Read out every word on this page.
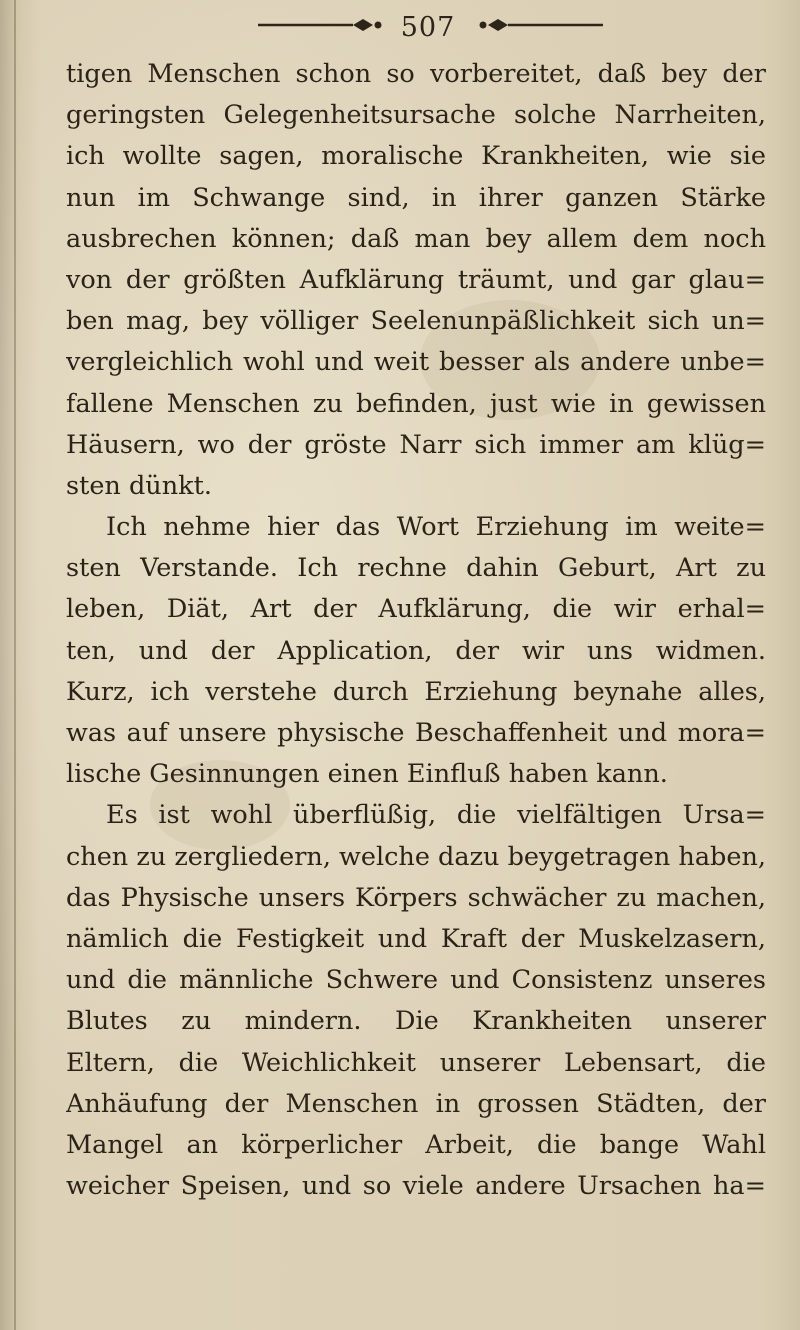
507
tigen Menschen schon so vorbereitet, daß bey der
geringsten Gelegenheitsursache solche Narrheiten,
ich wollte sagen, moralische Krankheiten, wie sie
nun im Schwange sind, in ihrer ganzen Stärke
ausbrechen können; daß man bey allem dem noch
von der größten Aufklärung träumt, und gar glau=
ben mag, bey völliger Seelenunpäßlichkeit sich un=
vergleichlich wohl und weit besser als andere unbe=
fallene Menschen zu befinden, just wie in gewissen
Häusern, wo der gröste Narr sich immer am klüg=
sten dünkt.
Ich nehme hier das Wort Erziehung im weite=
sten Verstande. Ich rechne dahin Geburt, Art zu
leben, Diät, Art der Aufklärung, die wir erhal=
ten, und der Application, der wir uns widmen.
Kurz, ich verstehe durch Erziehung beynahe alles,
was auf unsere physische Beschaffenheit und mora=
lische Gesinnungen einen Einfluß haben kann.
Es ist wohl überflüßig, die vielfältigen Ursa=
chen zu zergliedern, welche dazu beygetragen haben,
das Physische unsers Körpers schwächer zu machen,
nämlich die Festigkeit und Kraft der Muskelzasern,
und die männliche Schwere und Consistenz unseres
Blutes zu mindern. Die Krankheiten unserer
Eltern, die Weichlichkeit unserer Lebensart, die
Anhäufung der Menschen in grossen Städten, der
Mangel an körperlicher Arbeit, die bange Wahl
weicher Speisen, und so viele andere Ursachen ha=
